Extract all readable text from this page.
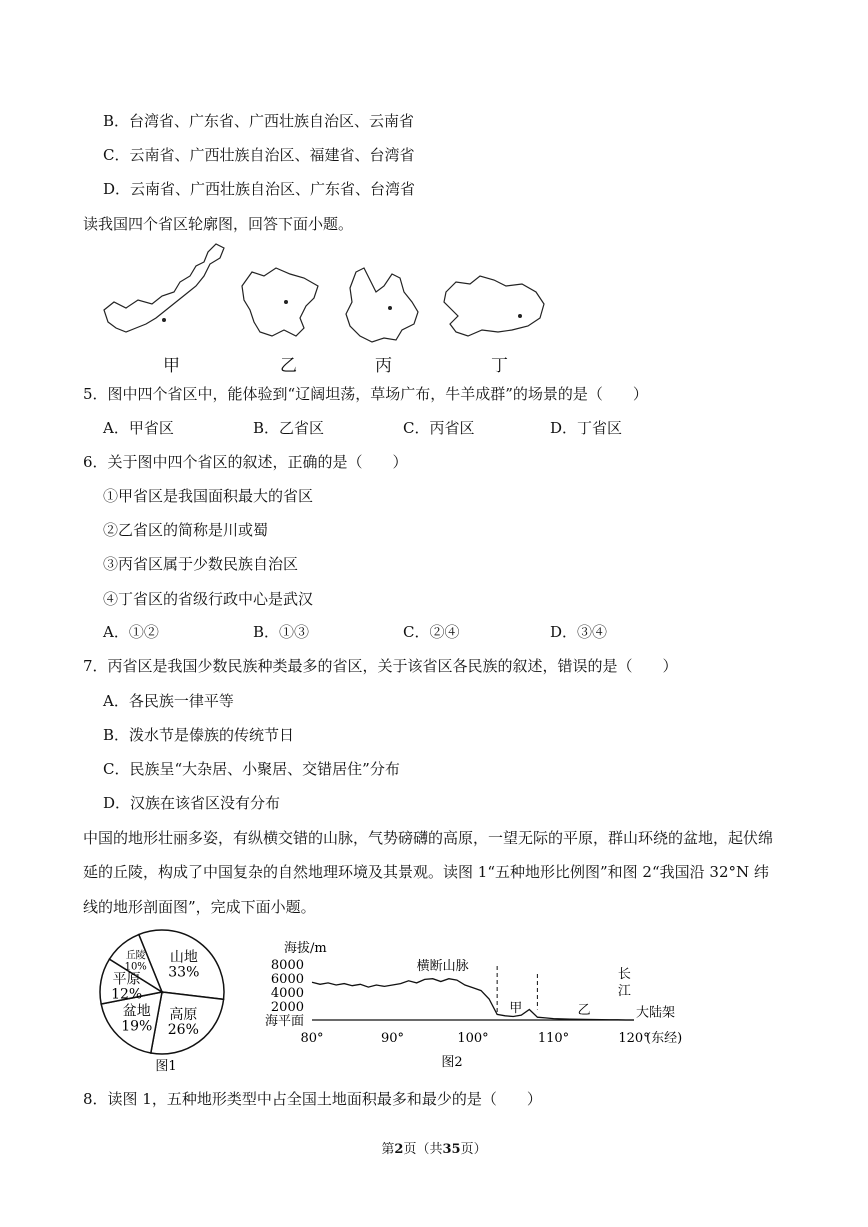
B．台湾省、广东省、广西壮族自治区、云南省
C．云南省、广西壮族自治区、福建省、台湾省
D．云南省、广西壮族自治区、广东省、台湾省
读我国四个省区轮廓图，回答下面小题。
甲	乙	丙	丁
5．图中四个省区中，能体验到“辽阔坦荡，草场广布，牛羊成群”的场景的是（　　）
A．甲省区	B．乙省区	C．丙省区	D．丁省区
6．关于图中四个省区的叙述，正确的是（　　）
①甲省区是我国面积最大的省区
②乙省区的简称是川或蜀
③丙省区属于少数民族自治区
④丁省区的省级行政中心是武汉
A．①②	B．①③	C．②④	D．③④
7．丙省区是我国少数民族种类最多的省区，关于该省区各民族的叙述，错误的是（　　）
A．各民族一律平等
B．泼水节是傣族的传统节日
C．民族呈“大杂居、小聚居、交错居住”分布
D．汉族在该省区没有分布
中国的地形壮丽多姿，有纵横交错的山脉，气势磅礴的高原，一望无际的平原，群山环绕的盆地，起伏绵
延的丘陵，构成了中国复杂的自然地理环境及其景观。读图 1“五种地形比例图”和图 2“我国沿 32°N 纬
线的地形剖面图”，完成下面小题。
山地
33%
高原
26%
盆地
19%
平原
12%
丘陵
10%
图1
海拔/m
8000
6000
4000
2000
海平面
80°	90°	100°	110°	120°
(东经)
横断山脉
甲	乙
长江
大陆架
图2
8．读图 1，五种地形类型中占全国土地面积最多和最少的是（　　）
第2页（共35页）
